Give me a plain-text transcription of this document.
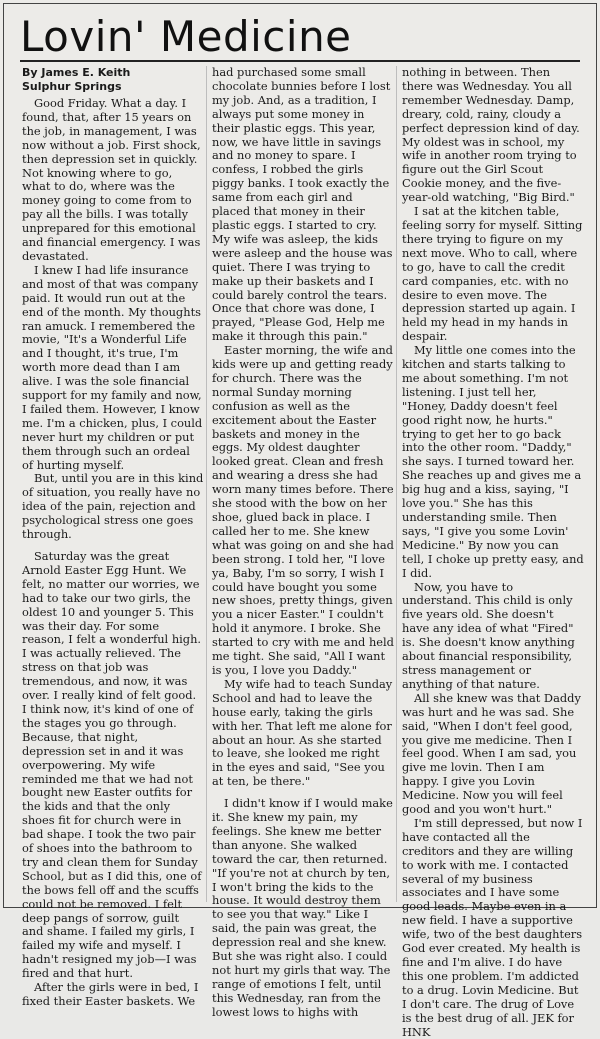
Lovin' Medicine
By James E. Keith
Sulphur Springs

Good Friday. What a day. I found, that, after 15 years on the job, in management, I was now without a job. First shock, then depression set in quickly. Not knowing where to go, what to do, where was the money going to come from to pay all the bills. I was totally unprepared for this emotional and financial emergency. I was devastated.

I knew I had life insurance and most of that was company paid. It would run out at the end of the month. My thoughts ran amuck. I remembered the movie, "It's a Wonderful Life and I thought, it's true, I'm worth more dead than I am alive. I was the sole financial support for my family and now, I failed them. However, I know me. I'm a chicken, plus, I could never hurt my children or put them through such an ordeal of hurting myself.

But, until you are in this kind of situation, you really have no idea of the pain, rejection and psychological stress one goes through.

Saturday was the great Arnold Easter Egg Hunt. We felt, no matter our worries, we had to take our two girls, the oldest 10 and younger 5. This was their day. For some reason, I felt a wonderful high. I was actually relieved. The stress on that job was tremendous, and now, it was over. I really kind of felt good. I think now, it's kind of one of the stages you go through. Because, that night, depression set in and it was overpowering. My wife reminded me that we had not bought new Easter outfits for the kids and that the only shoes fit for church were in bad shape. I took the two pair of shoes into the bathroom to try and clean them for Sunday School, but as I did this, one of the bows fell off and the scuffs could not be removed. I felt deep pangs of sorrow, guilt and shame. I failed my girls, I failed my wife and myself. I hadn't resigned my job—I was fired and that hurt.

After the girls were in bed, I fixed their Easter baskets. We

had purchased some small chocolate bunnies before I lost my job. And, as a tradition, I always put some money in their plastic eggs. This year, now, we have little in savings and no money to spare. I confess, I robbed the girls piggy banks. I took exactly the same from each girl and placed that money in their plastic eggs. I started to cry. My wife was asleep, the kids were asleep and the house was quiet. There I was trying to make up their baskets and I could barely control the tears. Once that chore was done, I prayed, "Please God, Help me make it through this pain."

Easter morning, the wife and kids were up and getting ready for church. There was the normal Sunday morning confusion as well as the excitement about the Easter baskets and money in the eggs. My oldest daughter looked great. Clean and fresh and wearing a dress she had worn many times before. There she stood with the bow on her shoe, glued back in place. I called her to me. She knew what was going on and she had been strong. I told her, "I love ya, Baby, I'm so sorry, I wish I could have bought you some new shoes, pretty things, given you a nicer Easter." I couldn't hold it anymore. I broke. She started to cry with me and held me tight. She said, "All I want is you, I love you Daddy."

My wife had to teach Sunday School and had to leave the house early, taking the girls with her. That left me alone for about an hour. As she started to leave, she looked me right in the eyes and said, "See you at ten, be there."

I didn't know if I would make it. She knew my pain, my feelings. She knew me better than anyone. She walked toward the car, then returned. "If you're not at church by ten, I won't bring the kids to the house. It would destroy them to see you that way." Like I said, the pain was great, the depression real and she knew. But she was right also. I could not hurt my girls that way. The range of emotions I felt, until this Wednesday, ran from the lowest lows to highs with

nothing in between. Then there was Wednesday. You all remember Wednesday. Damp, dreary, cold, rainy, cloudy a perfect depression kind of day. My oldest was in school, my wife in another room trying to figure out the Girl Scout Cookie money, and the five-year-old watching, "Big Bird."

I sat at the kitchen table, feeling sorry for myself. Sitting there trying to figure on my next move. Who to call, where to go, have to call the credit card companies, etc. with no desire to even move. The depression started up again. I held my head in my hands in despair.

My little one comes into the kitchen and starts talking to me about something. I'm not listening. I just tell her, "Honey, Daddy doesn't feel good right now, he hurts." trying to get her to go back into the other room. "Daddy," she says. I turned toward her. She reaches up and gives me a big hug and a kiss, saying, "I love you." She has this understanding smile. Then says, "I give you some Lovin' Medicine." By now you can tell, I choke up pretty easy, and I did.

Now, you have to understand. This child is only five years old. She doesn't have any idea of what "Fired" is. She doesn't know anything about financial responsibility, stress management or anything of that nature.

All she knew was that Daddy was hurt and he was sad. She said, "When I don't feel good, you give me medicine. Then I feel good. When I am sad, you give me lovin. Then I am happy. I give you Lovin Medicine. Now you will feel good and you won't hurt."

I'm still depressed, but now I have contacted all the creditors and they are willing to work with me. I contacted several of my business associates and I have some good leads. Maybe even in a new field. I have a supportive wife, two of the best daughters God ever created. My health is fine and I'm alive. I do have this one problem. I'm addicted to a drug. Lovin Medicine. But I don't care. The drug of Love is the best drug of all. JEK for HNK
